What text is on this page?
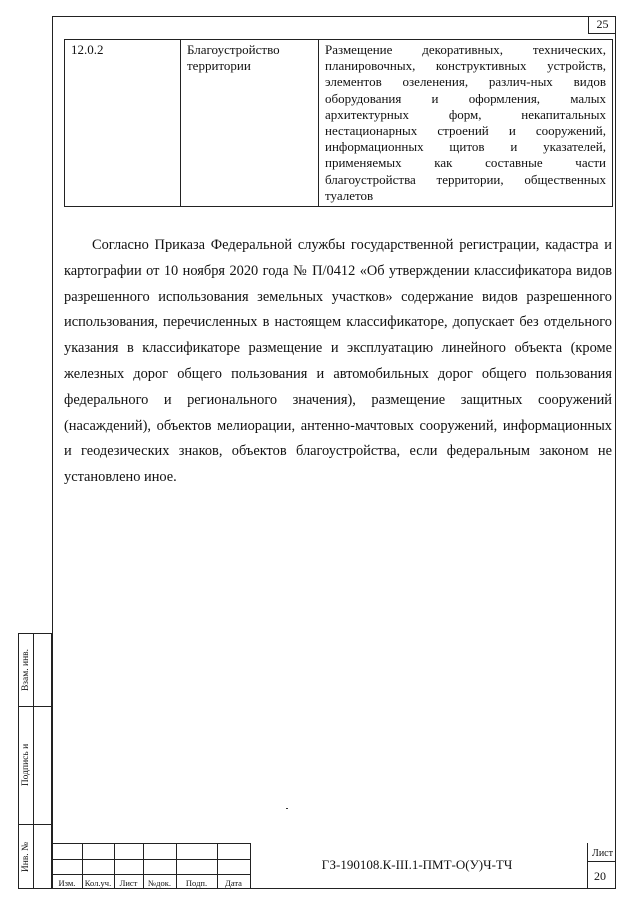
25
12.0.2	Благоустройство территории	Размещение декоративных, технических, планировочных, конструктивных устройств, элементов озеленения, различ-ных видов оборудования и оформления, малых архитектурных форм, некапитальных нестационарных строений и сооружений, информационных щитов и указателей, применяемых как составные части благоустройства территории, общественных туалетов

Согласно Приказа Федеральной службы государственной регистрации, кадастра и картографии от 10 ноября 2020 года № П/0412 «Об утверждении классификатора видов разрешенного использования земельных участков» содержание видов разрешенного использования, перечисленных в настоящем классификаторе, допускает без отдельного указания в классификаторе размещение и эксплуатацию линейного объекта (кроме железных дорог общего пользования и автомобильных дорог общего пользования федерального и регионального значения), размещение защитных сооружений (насаждений), объектов мелиорации, антенно-мачтовых сооружений, информационных и геодезических знаков, объектов благоустройства, если федеральным законом не установлено иное.

Взам. инв.
Подпись и
Инв. №
Изм.	Кол.уч. Лист	№док.	Подп.	Дата
ГЗ-190108.К-III.1-ПМТ-О(У)Ч-ТЧ
Лист
20
